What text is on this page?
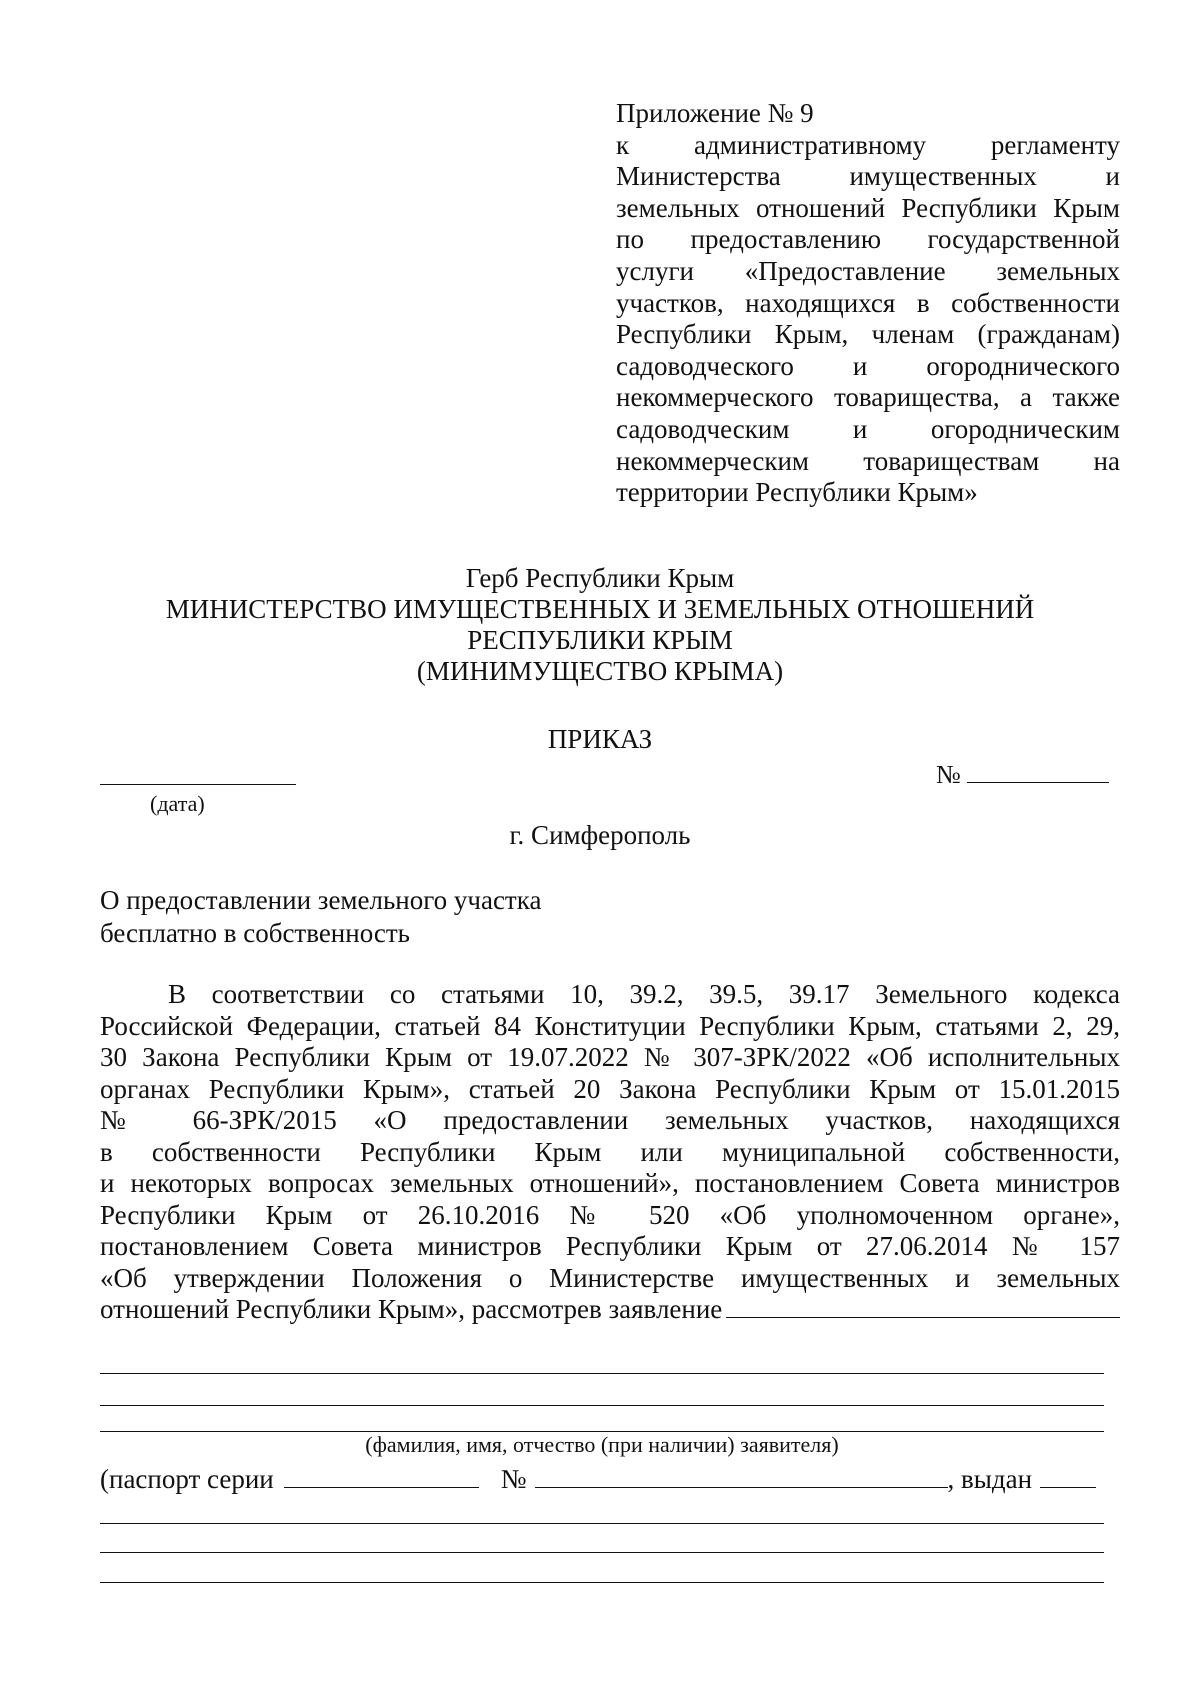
Приложение № 9
к административному регламенту
Министерства имущественных и
земельных отношений Республики Крым
по предоставлению государственной
услуги «Предоставление земельных
участков, находящихся в собственности
Республики Крым, членам (гражданам)
садоводческого и огороднического
некоммерческого товарищества, а также
садоводческим и огородническим
некоммерческим товариществам на
территории Республики Крым»
Герб Республики Крым
МИНИСТЕРСТВО ИМУЩЕСТВЕННЫХ И ЗЕМЕЛЬНЫХ ОТНОШЕНИЙ
РЕСПУБЛИКИ КРЫМ
(МИНИМУЩЕСТВО КРЫМА)
ПРИКАЗ
(дата)
№
г. Симферополь
О предоставлении земельного участка
бесплатно в собственность
В соответствии со статьями 10, 39.2, 39.5, 39.17 Земельного кодекса
Российской Федерации, статьей 84 Конституции Республики Крым, статьями 2, 29,
30 Закона Республики Крым от 19.07.2022 № 307-ЗРК/2022 «Об исполнительных
органах Республики Крым», статьей 20 Закона Республики Крым от 15.01.2015
№ 66-ЗРК/2015 «О предоставлении земельных участков, находящихся
в собственности Республики Крым или муниципальной собственности,
и некоторых вопросах земельных отношений», постановлением Совета министров
Республики Крым от 26.10.2016 № 520 «Об уполномоченном органе»,
постановлением Совета министров Республики Крым от 27.06.2014 № 157
«Об утверждении Положения о Министерстве имущественных и земельных
отношений Республики Крым», рассмотрев заявление
(фамилия, имя, отчество (при наличии) заявителя)
(паспорт серии	№	, выдан
